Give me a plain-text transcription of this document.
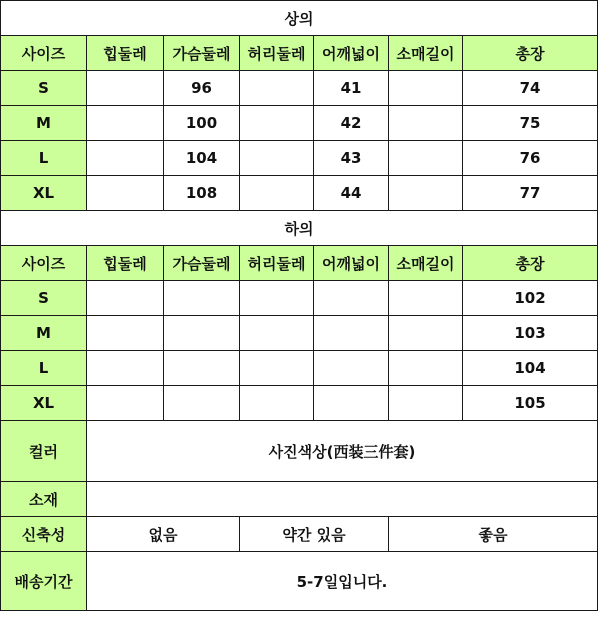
상의						
사이즈	힙둘레	가슴둘레	허리둘레	어깨넓이	소매길이	총장
S		96		41		74
M		100		42		75
L		104		43		76
XL		108		44		77
하의						
사이즈	힙둘레	가슴둘레	허리둘레	어깨넓이	소매길이	총장
S						102
M						103
L						104
XL						105
컬러	사진색상(西装三件套)					
소재						
신축성	없음		약간 있음		좋음	
배송기간	5-7일입니다.					
